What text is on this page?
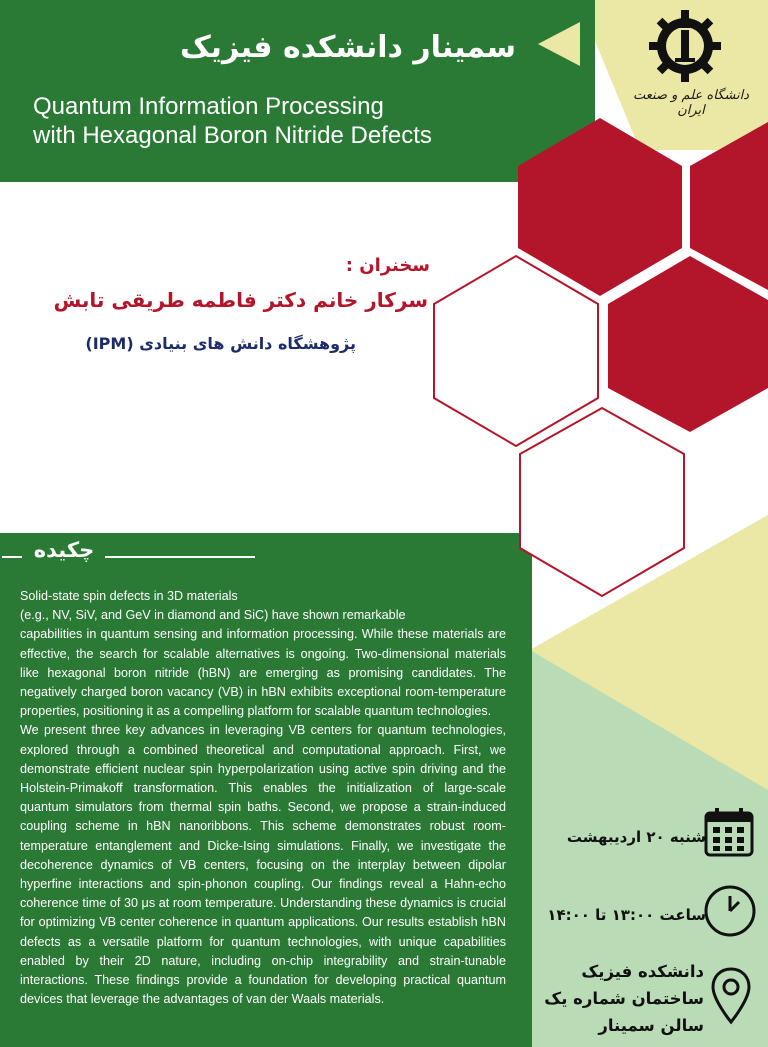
دانشگاه علم و صنعت ایران
سمینار دانشکده فیزیک
Quantum Information Processing
with Hexagonal Boron Nitride Defects
سخنران :
سرکار خانم دکتر فاطمه طریقی تابش
پژوهشگاه دانش های بنیادی (IPM)
چکیده

Solid-state spin defects in 3D materials

(e.g., NV, SiV, and GeV in diamond and SiC) have shown remarkable

capabilities in quantum sensing and information processing. While these materials are effective, the search for scalable alternatives is ongoing. Two-dimensional materials like hexagonal boron nitride (hBN) are emerging as promising candidates. The negatively charged boron vacancy (VB) in hBN exhibits exceptional room-temperature properties, positioning it as a compelling platform for scalable quantum technologies.

We present three key advances in leveraging VB centers for quantum technologies, explored through a combined theoretical and computational approach. First, we demonstrate efficient nuclear spin hyperpolarization using active spin driving and the Holstein-Primakoff transformation. This enables the initialization of large-scale quantum simulators from thermal spin baths. Second, we propose a strain-induced coupling scheme in hBN nanoribbons. This scheme demonstrates robust room-temperature entanglement and Dicke-Ising simulations. Finally, we investigate the decoherence dynamics of VB centers, focusing on the interplay between dipolar hyperfine interactions and spin-phonon coupling. Our findings reveal a Hahn-echo coherence time of 30 μs at room temperature. Understanding these dynamics is crucial for optimizing VB center coherence in quantum applications. Our results establish hBN defects as a versatile platform for quantum technologies, with unique capabilities enabled by their 2D nature, including on-chip integrability and strain-tunable interactions. These findings provide a foundation for developing practical quantum devices that leverage the advantages of van der Waals materials.

شنبه ۲۰ اردیبهشت
ساعت ۱۳:۰۰ تا ۱۴:۰۰
دانشکده فیزیک
ساختمان شماره یک
سالن سمینار
